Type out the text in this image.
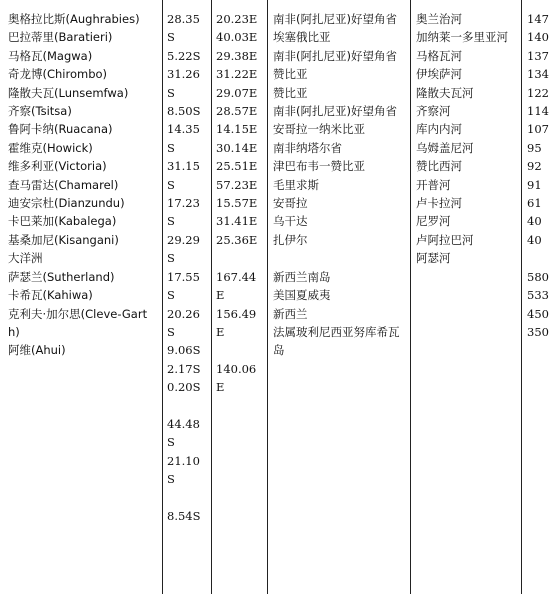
奥格拉比斯(Aughrabies)
巴拉蒂里(Baratieri)
马格瓦(Magwa)
奇龙博(Chirombo)
隆散夫瓦(Lunsemfwa)
齐察(Tsitsa)
鲁阿卡纳(Ruacana)
霍维克(Howick)
维多利亚(Victoria)
查马雷达(Chamarel)
迪安宗杜(Dianzundu)
卡巴莱加(Kabalega)
基桑加尼(Kisangani)
大洋洲
萨瑟兰(Sutherland)
卡希瓦(Kahiwa)
克利夫·加尔思(Cleve-Garth)
阿维(Ahui)
28.35
S
5.22S
31.26
S
8.50S
14.35
S
31.15
S
17.23
S
29.29
S
17.55
S
20.26
S
9.06S
2.17S
0.20S

44.48
S
21.10
S

8.54S
20.23E
40.03E
29.38E
31.22E
29.07E
28.57E
14.15E
30.14E
25.51E
57.23E
15.57E
31.41E
25.36E

167.44E
156.49E

140.06E
南非(阿扎尼亚)好望角省
埃塞俄比亚
南非(阿扎尼亚)好望角省
赞比亚
赞比亚
南非(阿扎尼亚)好望角省
安哥拉一纳米比亚
南非纳塔尔省
津巴布韦一赞比亚
毛里求斯
安哥拉
乌干达
扎伊尔

新西兰南岛
美国夏威夷
新西兰
法属玻利尼西亚努库希瓦岛
奥兰治河
加纳莱一多里亚河
马格瓦河
伊埃萨河
隆散夫瓦河
齐察河
库内内河
乌姆盖尼河
赞比西河
开普河
卢卡拉河
尼罗河
卢阿拉巴河
阿瑟河
147
140
137
134
122
114
107
95
92
91
61
40
40

580
533
450
350
